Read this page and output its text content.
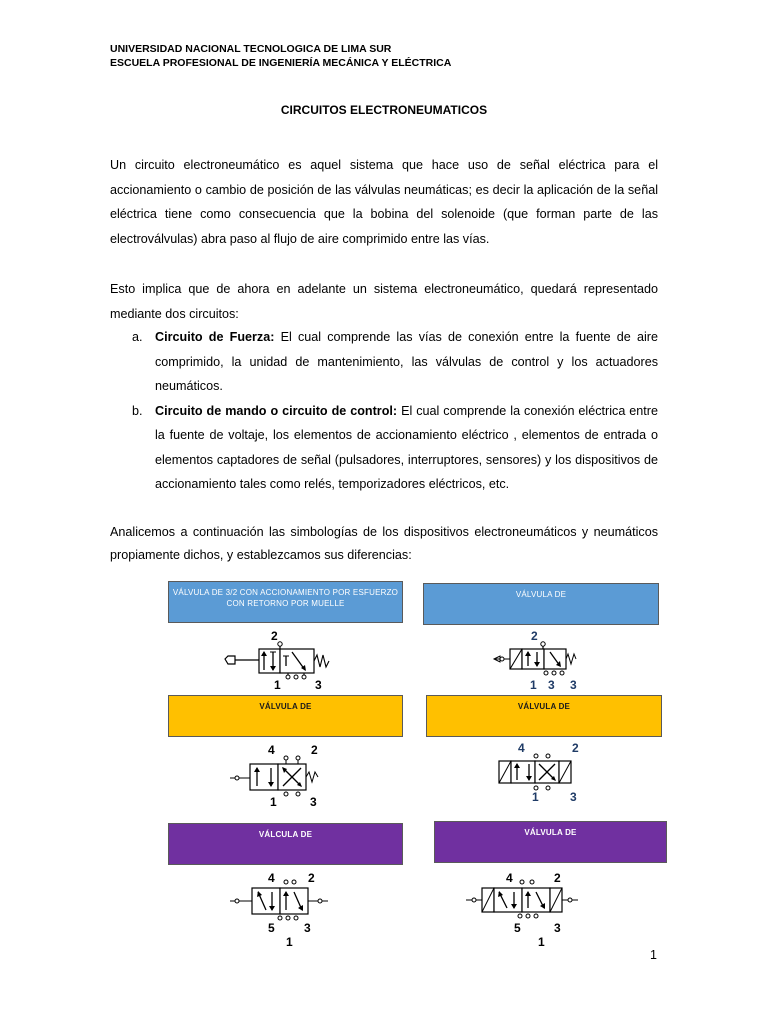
UNIVERSIDAD NACIONAL TECNOLOGICA DE LIMA SUR
ESCUELA PROFESIONAL DE INGENIERÍA MECÁNICA Y ELÉCTRICA
CIRCUITOS ELECTRONEUMATICOS
Un circuito electroneumático es aquel sistema que hace uso de señal eléctrica para el accionamiento o cambio de posición de las válvulas neumáticas; es decir la aplicación de la señal eléctrica tiene como consecuencia que la bobina del solenoide (que forman parte de las electroválvulas) abra paso al flujo de aire comprimido entre las vías.
Esto implica que de ahora en adelante un sistema electroneumático, quedará representado mediante dos circuitos:
a. Circuito de Fuerza: El cual comprende las vías de conexión entre la fuente de aire comprimido, la unidad de mantenimiento, las válvulas de control y los actuadores neumáticos.
b. Circuito de mando o circuito de control: El cual comprende la conexión eléctrica entre la fuente de voltaje, los elementos de accionamiento eléctrico , elementos de entrada o elementos captadores de señal (pulsadores, interruptores, sensores) y los dispositivos de accionamiento tales como relés, temporizadores eléctricos, etc.
Analicemos a continuación las simbologías de los dispositivos electroneumáticos y neumáticos propiamente dichos, y establezcamos sus diferencias:
VÁLVULA DE 3/2 CON ACCIONAMIENTO POR ESFUERZO CON RETORNO POR MUELLE
VÁLVULA DE
VÁLVULA DE	VÁLVULA DE
VÁLCULA DE	VÁLVULA DE
2
1	3
2
1 3 3
4	2
1	3
4	2
1	3
4	2
5 3
1
4	2
5	3
1
1
